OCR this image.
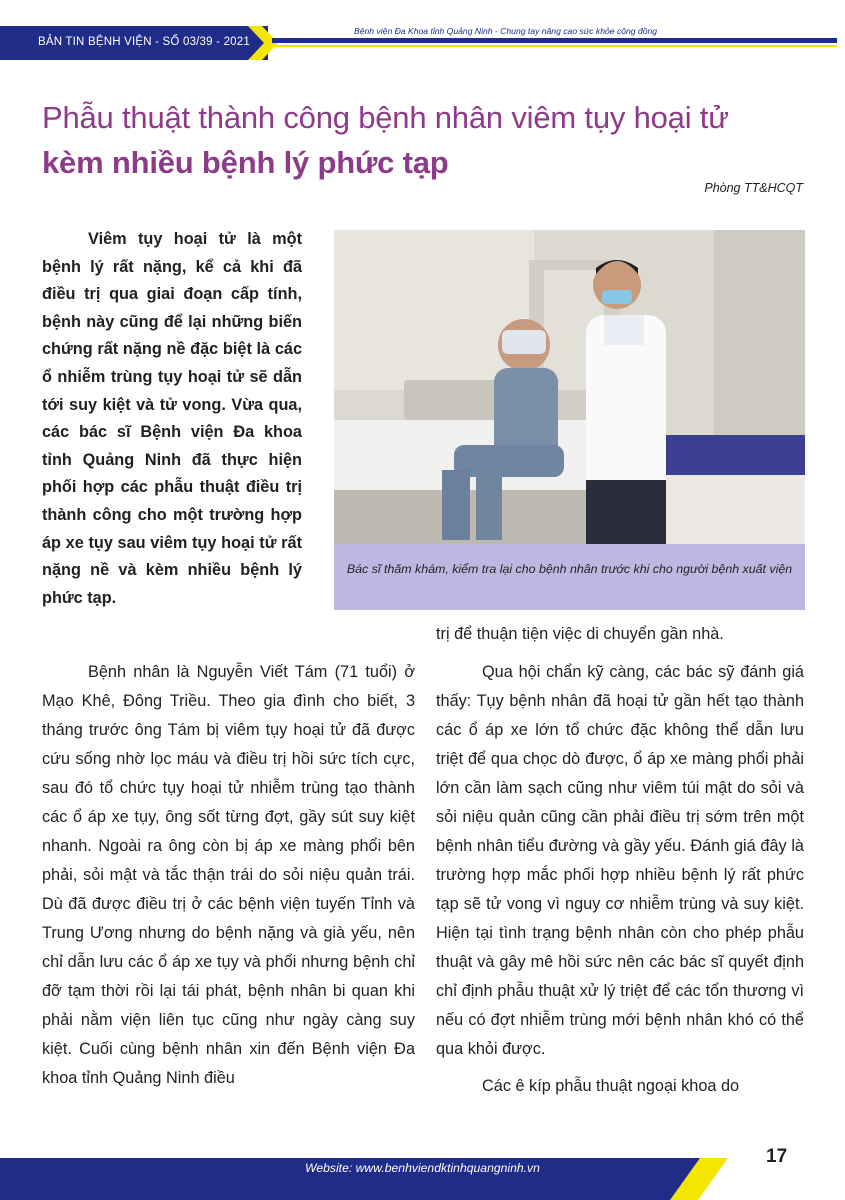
BẢN TIN BỆNH VIỆN - SỐ 03/39 - 2021
Bệnh viện Đa Khoa tỉnh Quảng Ninh - Chung tay nâng cao sức khỏe cộng đồng
Phẫu thuật thành công bệnh nhân viêm tụy hoại tử
kèm nhiều bệnh lý phức tạp
Phòng TT&HCQT

Viêm tụy hoại tử là một bệnh lý rất nặng, kể cả khi đã điều trị qua giai đoạn cấp tính, bệnh này cũng để lại những biến chứng rất nặng nề đặc biệt là các ổ nhiễm trùng tụy hoại tử sẽ dẫn tới suy kiệt và tử vong. Vừa qua, các bác sĩ Bệnh viện Đa khoa tỉnh Quảng Ninh đã thực hiện phối hợp các phẫu thuật điều trị thành công cho một trường hợp áp xe tụy sau viêm tụy hoại tử rất nặng nề và kèm nhiều bệnh lý phức tạp.

Bác sĩ thăm khám, kiểm tra lại cho bệnh nhân trước khi cho người bệnh xuất viện

Bệnh nhân là Nguyễn Viết Tám (71 tuổi) ở Mạo Khê, Đông Triều. Theo gia đình cho biết, 3 tháng trước ông Tám bị viêm tụy hoại tử đã được cứu sống nhờ lọc máu và điều trị hồi sức tích cực, sau đó tổ chức tụy hoại tử nhiễm trùng tạo thành các ổ áp xe tụy, ông sốt từng đợt, gầy sút suy kiệt nhanh. Ngoài ra ông còn bị áp xe màng phổi bên phải, sỏi mật và tắc thận trái do sỏi niệu quản trái. Dù đã được điều trị ở các bệnh viện tuyến Tỉnh và Trung Ương nhưng do bệnh nặng và già yếu, nên chỉ dẫn lưu các ổ áp xe tụy và phổi nhưng bệnh chỉ đỡ tạm thời rồi lại tái phát, bệnh nhân bi quan khi phải nằm viện liên tục cũng như ngày càng suy kiệt. Cuối cùng bệnh nhân xin đến Bệnh viện Đa khoa tỉnh Quảng Ninh điều

trị để thuận tiện việc di chuyển gần nhà.

Qua hội chẩn kỹ càng, các bác sỹ đánh giá thấy: Tụy bệnh nhân đã hoại tử gần hết tạo thành các ổ áp xe lớn tổ chức đặc không thể dẫn lưu triệt để qua chọc dò được, ổ áp xe màng phổi phải lớn cần làm sạch cũng như viêm túi mật do sỏi và sỏi niệu quản cũng cần phải điều trị sớm trên một bệnh nhân tiểu đường và gầy yếu. Đánh giá đây là trường hợp mắc phối hợp nhiều bệnh lý rất phức tạp sẽ tử vong vì nguy cơ nhiễm trùng và suy kiệt. Hiện tại tình trạng bệnh nhân còn cho phép phẫu thuật và gây mê hồi sức nên các bác sĩ quyết định chỉ định phẫu thuật xử lý triệt để các tổn thương vì nếu có đợt nhiễm trùng mới bệnh nhân khó có thể qua khỏi được.

Các ê kíp phẫu thuật ngoại khoa do

Website: www.benhviendktinhquangninh.vn
17
